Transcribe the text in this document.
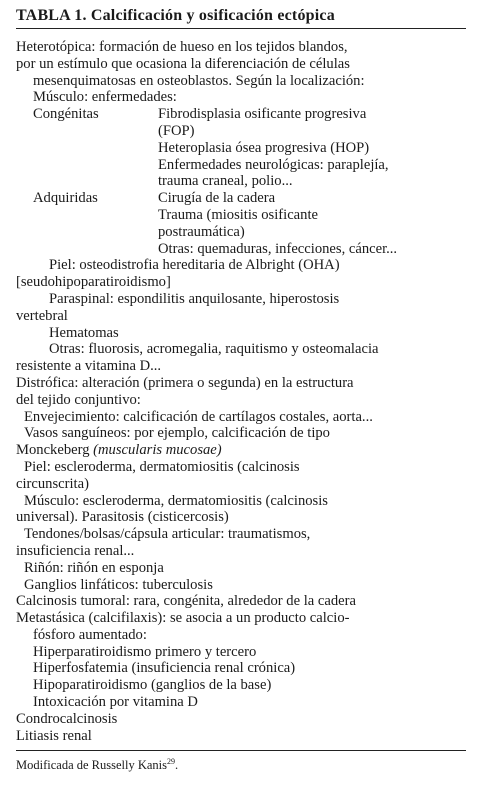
TABLA 1. Calcificación y osificación ectópica
Heterotópica: formación de hueso en los tejidos blandos,
por un estímulo que ocasiona la diferenciación de células
mesenquimatosas en osteoblastos. Según la localización:
Músculo: enfermedades:
Congénitas	Fibrodisplasia osificante progresiva
(FOP)
Heteroplasia ósea progresiva (HOP)
Enfermedades neurológicas: paraplejía,
trauma craneal, polio...
Adquiridas	Cirugía de la cadera
Trauma (miositis osificante
postraumática)
Otras: quemaduras, infecciones, cáncer...
Piel: osteodistrofia hereditaria de Albright (OHA)
[seudohipoparatiroidismo]
Paraspinal: espondilitis anquilosante, hiperostosis
vertebral
Hematomas
Otras: fluorosis, acromegalia, raquitismo y osteomalacia
resistente a vitamina D...
Distrófica: alteración (primera o segunda) en la estructura
del tejido conjuntivo:
Envejecimiento: calcificación de cartílagos costales, aorta...
Vasos sanguíneos: por ejemplo, calcificación de tipo
Monckeberg (muscularis mucosae)
Piel: escleroderma, dermatomiositis (calcinosis
circunscrita)
Músculo: escleroderma, dermatomiositis (calcinosis
universal). Parasitosis (cisticercosis)
Tendones/bolsas/cápsula articular: traumatismos,
insuficiencia renal...
Riñón: riñón en esponja
Ganglios linfáticos: tuberculosis
Calcinosis tumoral: rara, congénita, alrededor de la cadera
Metastásica (calcifilaxis): se asocia a un producto calcio-
fósforo aumentado:
Hiperparatiroidismo primero y tercero
Hiperfosfatemia (insuficiencia renal crónica)
Hipoparatiroidismo (ganglios de la base)
Intoxicación por vitamina D
Condrocalcinosis
Litiasis renal
Modificada de Russelly Kanis$^{29}$.
